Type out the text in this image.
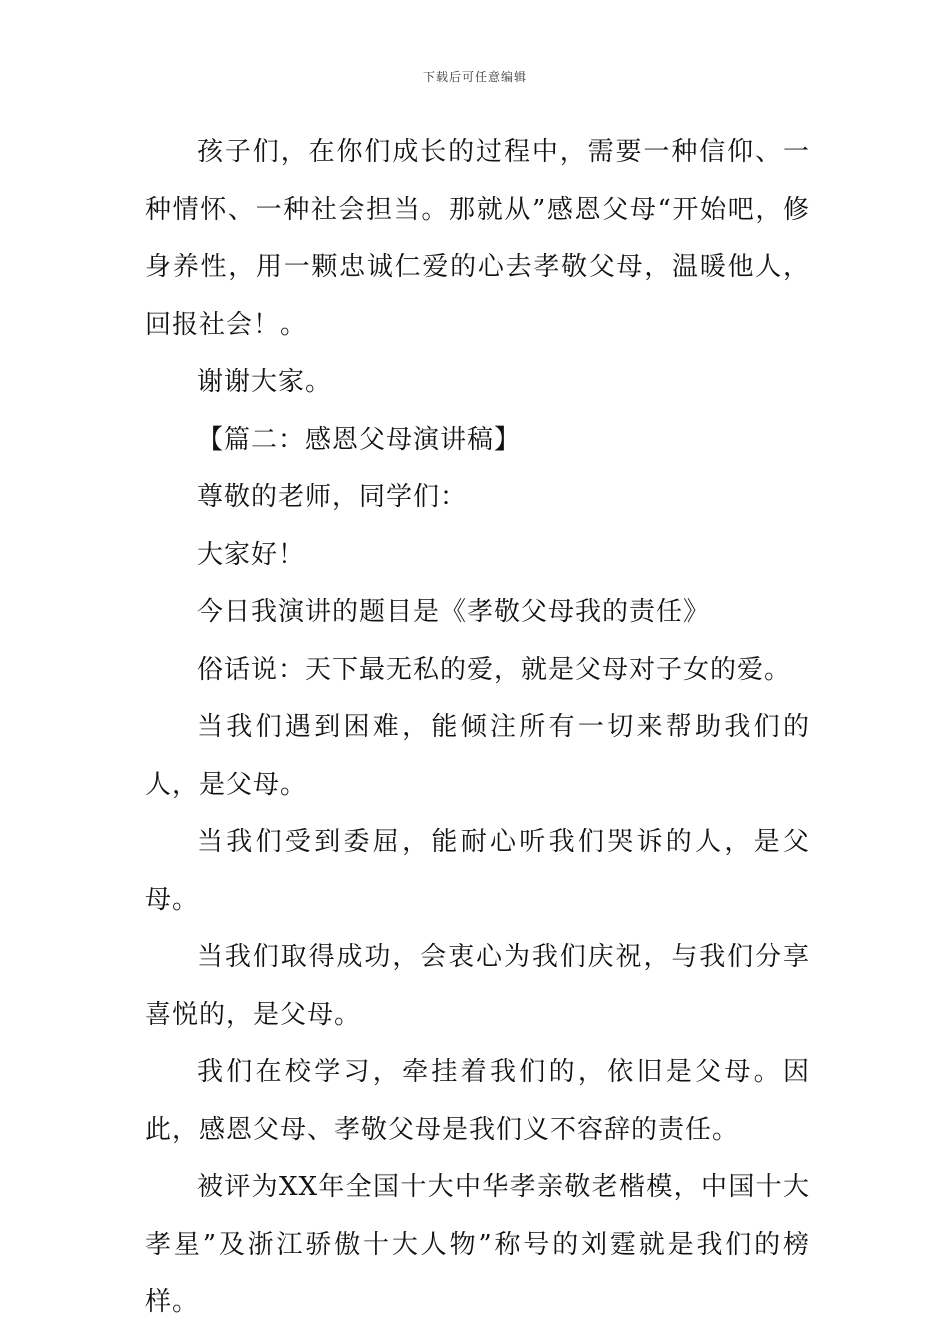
下载后可任意编辑

孩子们，在你们成长的过程中，需要一种信仰、一种情怀、一种社会担当。那就从”感恩父母“开始吧，修身养性，用一颗忠诚仁爱的心去孝敬父母，温暖他人，回报社会！。

谢谢大家。

【篇二：感恩父母演讲稿】

尊敬的老师，同学们：

大家好！

今日我演讲的题目是《孝敬父母我的责任》

俗话说：天下最无私的爱，就是父母对子女的爱。

当我们遇到困难，能倾注所有一切来帮助我们的人，是父母。

当我们受到委屈，能耐心听我们哭诉的人，是父母。

当我们取得成功，会衷心为我们庆祝，与我们分享喜悦的，是父母。

我们在校学习，牵挂着我们的，依旧是父母。因此，感恩父母、孝敬父母是我们义不容辞的责任。

被评为XX年全国十大中华孝亲敬老楷模，中国十大孝星”及浙江骄傲十大人物”称号的刘霆就是我们的榜样。
